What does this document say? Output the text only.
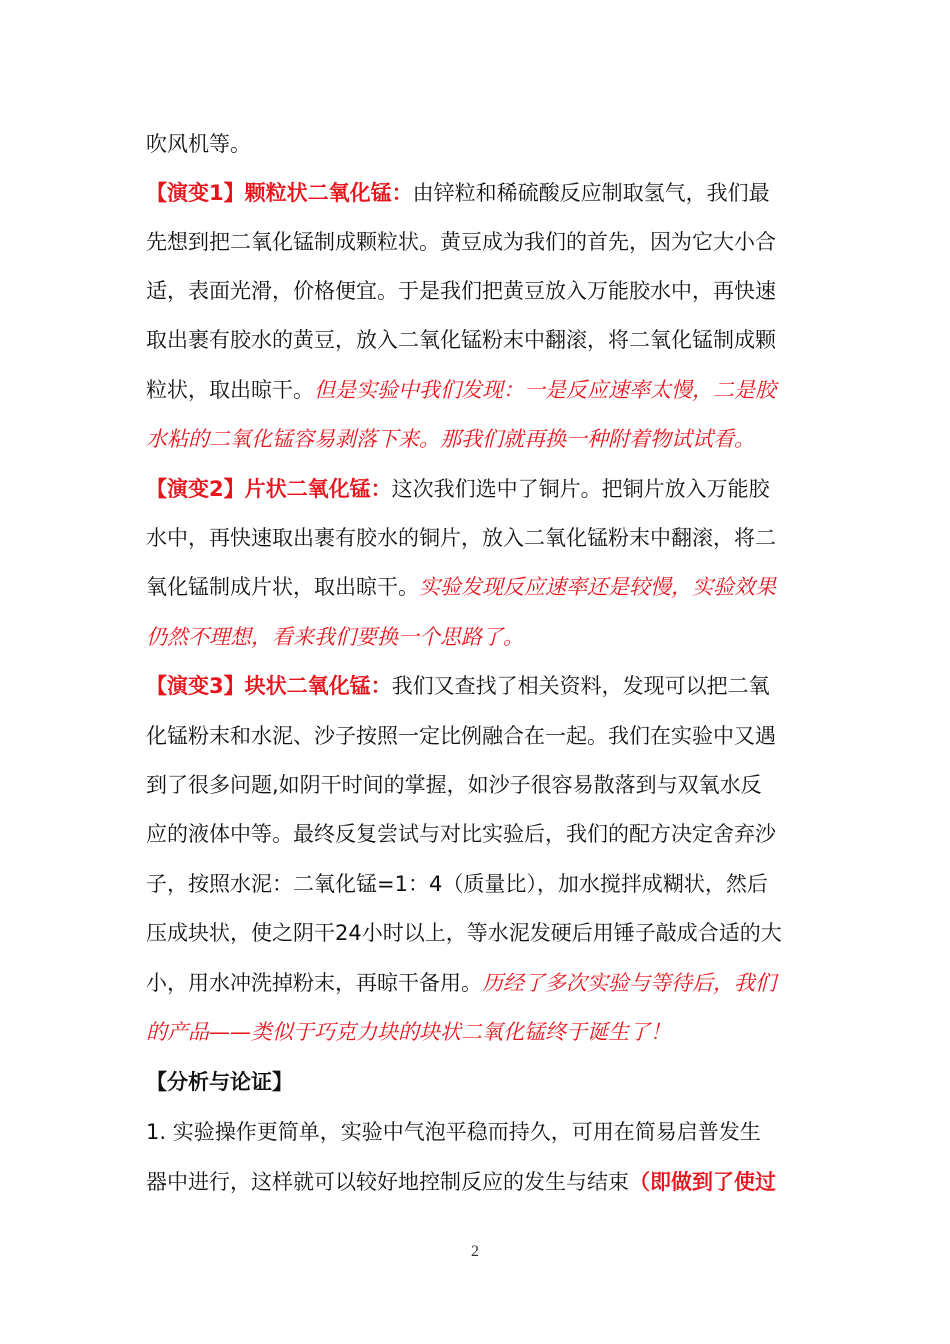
吹风机等。
【演变1】颗粒状二氧化锰：由锌粒和稀硫酸反应制取氢气，我们最
先想到把二氧化锰制成颗粒状。黄豆成为我们的首先，因为它大小合
适，表面光滑，价格便宜。于是我们把黄豆放入万能胶水中，再快速
取出裹有胶水的黄豆，放入二氧化锰粉末中翻滚，将二氧化锰制成颗
粒状，取出晾干。但是实验中我们发现：一是反应速率太慢，二是胶
水粘的二氧化锰容易剥落下来。那我们就再换一种附着物试试看。
【演变2】片状二氧化锰：这次我们选中了铜片。把铜片放入万能胶
水中，再快速取出裹有胶水的铜片，放入二氧化锰粉末中翻滚，将二
氧化锰制成片状，取出晾干。实验发现反应速率还是较慢，实验效果
仍然不理想，看来我们要换一个思路了。
【演变3】块状二氧化锰：我们又查找了相关资料，发现可以把二氧
化锰粉末和水泥、沙子按照一定比例融合在一起。我们在实验中又遇
到了很多问题,如阴干时间的掌握，如沙子很容易散落到与双氧水反
应的液体中等。最终反复尝试与对比实验后，我们的配方决定舍弃沙
子，按照水泥：二氧化锰=1：4（质量比），加水搅拌成糊状，然后
压成块状，使之阴干24小时以上，等水泥发硬后用锤子敲成合适的大
小，用水冲洗掉粉末，再晾干备用。历经了多次实验与等待后，我们
的产品——类似于巧克力块的块状二氧化锰终于诞生了！
【分析与论证】
1. 实验操作更简单，实验中气泡平稳而持久，可用在简易启普发生
器中进行，这样就可以较好地控制反应的发生与结束（即做到了使过
2
